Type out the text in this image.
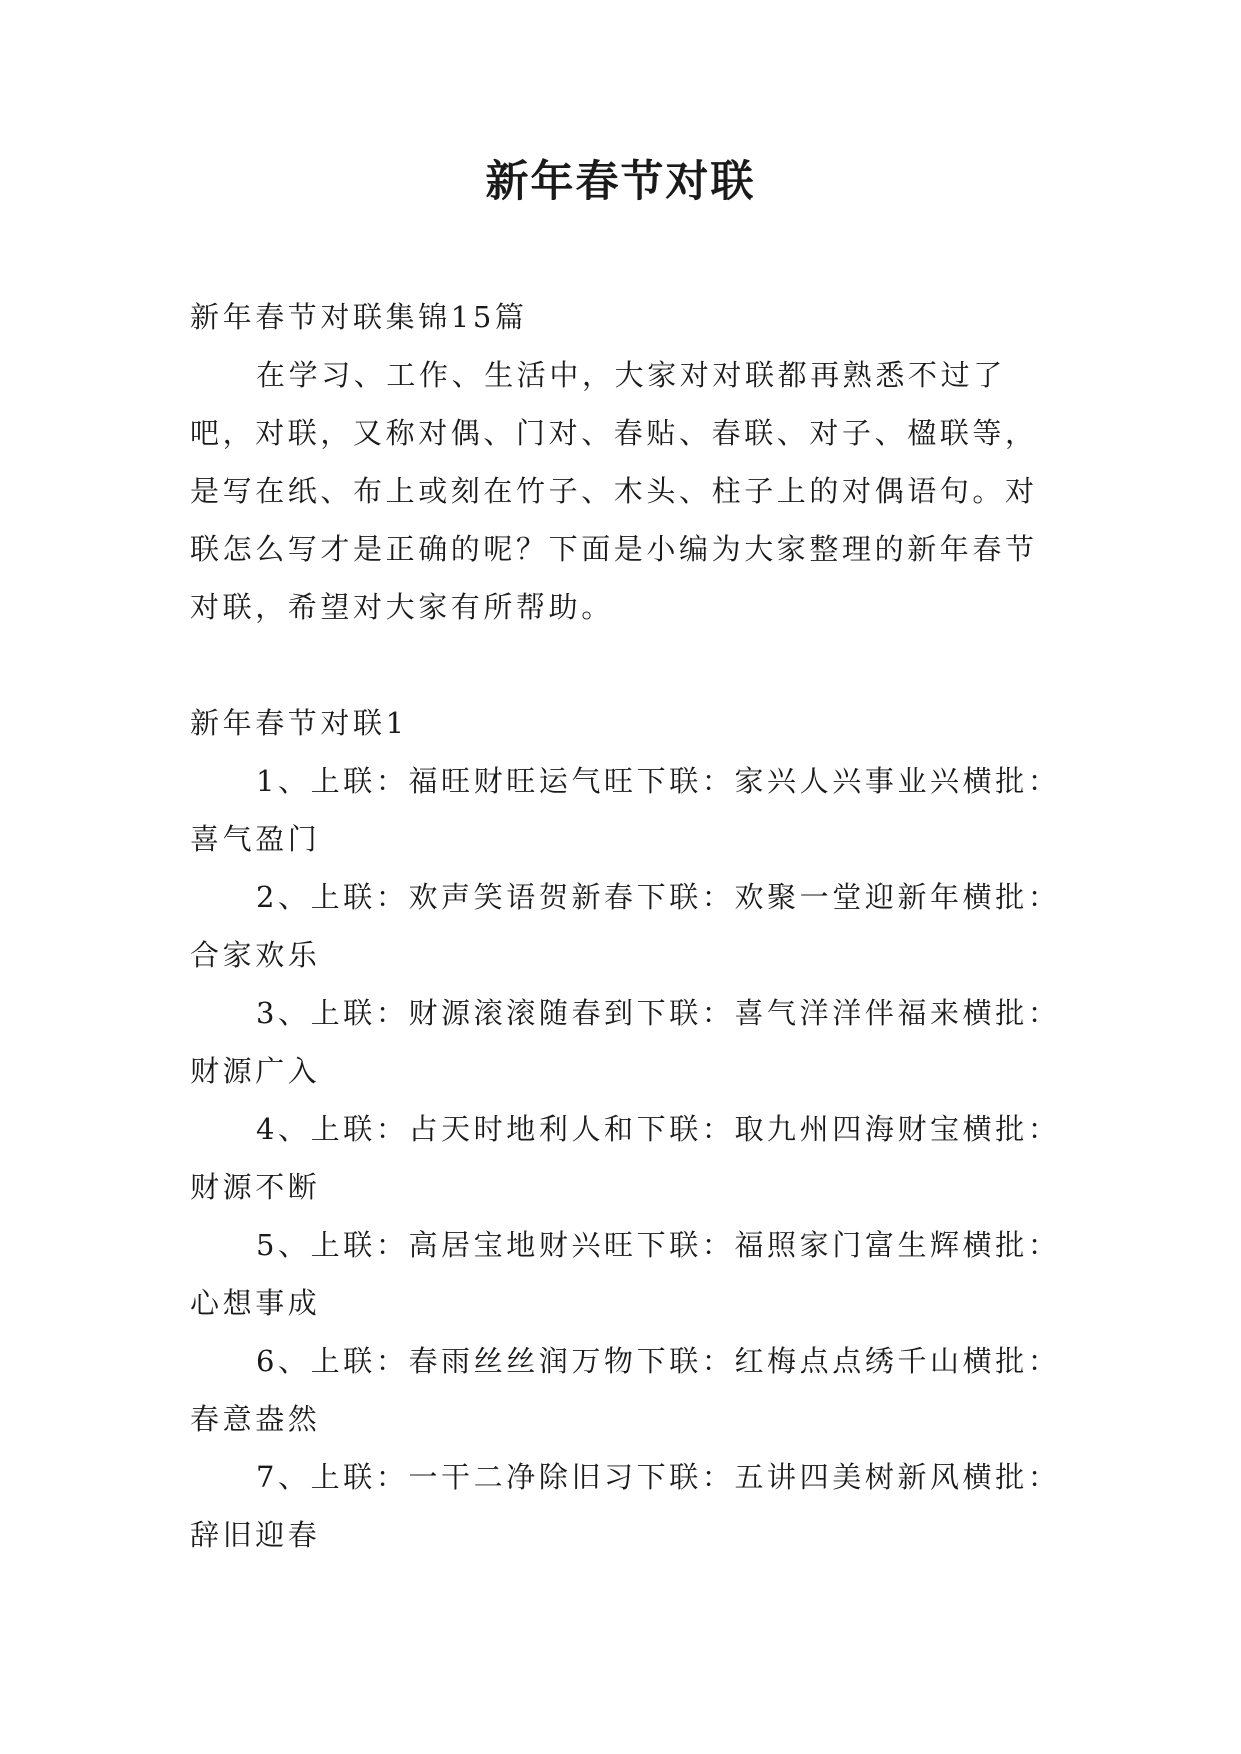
新年春节对联

新年春节对联集锦15篇

在学习、工作、生活中，大家对对联都再熟悉不过了吧，对联，又称对偶、门对、春贴、春联、对子、楹联等，是写在纸、布上或刻在竹子、木头、柱子上的对偶语句。对联怎么写才是正确的呢？下面是小编为大家整理的新年春节对联，希望对大家有所帮助。

新年春节对联1

1、上联：福旺财旺运气旺下联：家兴人兴事业兴横批：喜气盈门

2、上联：欢声笑语贺新春下联：欢聚一堂迎新年横批：合家欢乐

3、上联：财源滚滚随春到下联：喜气洋洋伴福来横批：财源广入

4、上联：占天时地利人和下联：取九州四海财宝横批：财源不断

5、上联：高居宝地财兴旺下联：福照家门富生辉横批：心想事成

6、上联：春雨丝丝润万物下联：红梅点点绣千山横批：春意盎然

7、上联：一干二净除旧习下联：五讲四美树新风横批：辞旧迎春
